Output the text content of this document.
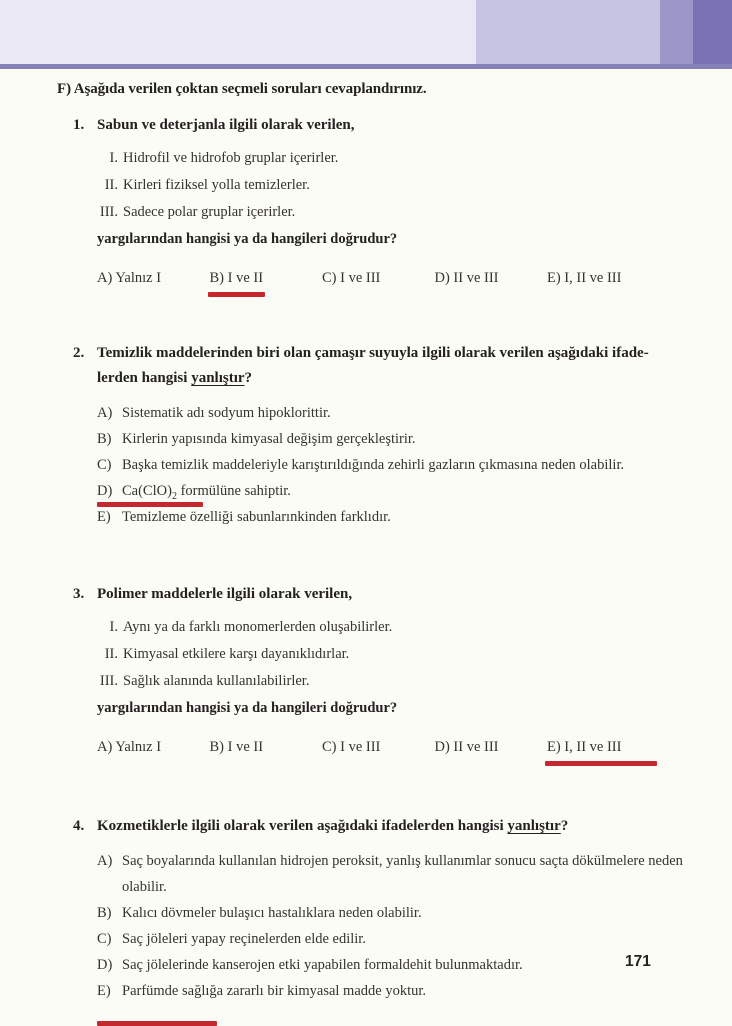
F) Aşağıda verilen çoktan seçmeli soruları cevaplandırınız.
1. Sabun ve deterjanla ilgili olarak verilen,
I. Hidrofil ve hidrofob gruplar içerirler.
II. Kirleri fiziksel yolla temizlerler.
III. Sadece polar gruplar içerirler.
yargılarından hangisi ya da hangileri doğrudur?
A) Yalnız I	B) I ve II	C) I ve III	D) II ve III	E) I, II ve III
2. Temizlik maddelerinden biri olan çamaşır suyuyla ilgili olarak verilen aşağıdaki ifade-
lerden hangisi yanlıştır?
A) Sistematik adı sodyum hipoklorittir.
B) Kirlerin yapısında kimyasal değişim gerçekleştirir.
C) Başka temizlik maddeleriyle karıştırıldığında zehirli gazların çıkmasına neden olabilir.
D) $Ca(ClO)_2$ formülüne sahiptir.
E) Temizleme özelliği sabunlarınkinden farklıdır.
3. Polimer maddelerle ilgili olarak verilen,
I. Aynı ya da farklı monomerlerden oluşabilirler.
II. Kimyasal etkilere karşı dayanıklıdırlar.
III. Sağlık alanında kullanılabilirler.
yargılarından hangisi ya da hangileri doğrudur?
A) Yalnız I	B) I ve II	C) I ve III	D) II ve III	E) I, II ve III
4. Kozmetiklerle ilgili olarak verilen aşağıdaki ifadelerden hangisi yanlıştır?
A) Saç boyalarında kullanılan hidrojen peroksit, yanlış kullanımlar sonucu saçta dökülmelere neden olabilir.
B) Kalıcı dövmeler bulaşıcı hastalıklara neden olabilir.
C) Saç jöleleri yapay reçinelerden elde edilir.
D) Saç jölelerinde kanserojen etki yapabilen formaldehit bulunmaktadır.
E) Parfümde sağlığa zararlı bir kimyasal madde yoktur.
171
